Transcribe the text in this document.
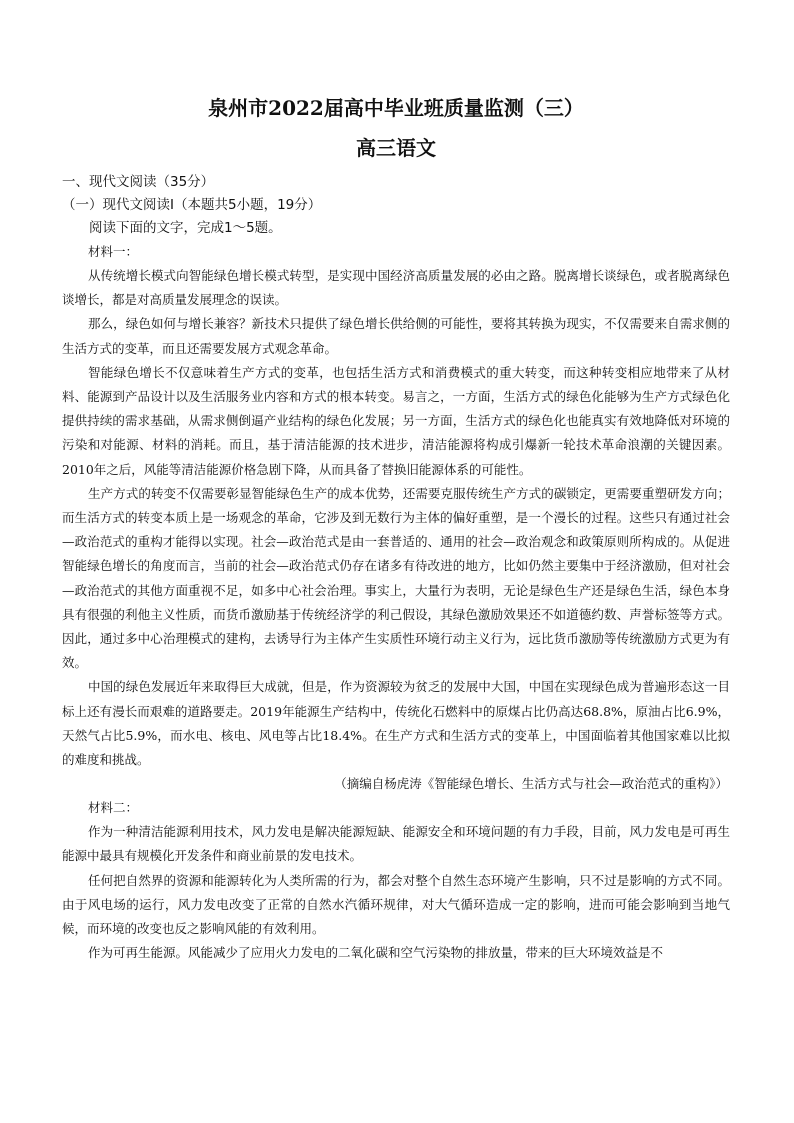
泉州市2022届高中毕业班质量监测（三）
高三语文

一、现代文阅读（35分）

（一）现代文阅读Ⅰ（本题共5小题，19分）

阅读下面的文字，完成1～5题。

材料一：

从传统增长模式向智能绿色增长模式转型，是实现中国经济高质量发展的必由之路。脱离增长谈绿色，或者脱离绿色谈增长，都是对高质量发展理念的误读。

那么，绿色如何与增长兼容？新技术只提供了绿色增长供给侧的可能性，要将其转换为现实，不仅需要来自需求侧的生活方式的变革，而且还需要发展方式观念革命。

智能绿色增长不仅意味着生产方式的变革，也包括生活方式和消费模式的重大转变，而这种转变相应地带来了从材料、能源到产品设计以及生活服务业内容和方式的根本转变。易言之，一方面，生活方式的绿色化能够为生产方式绿色化提供持续的需求基础，从需求侧倒逼产业结构的绿色化发展；另一方面，生活方式的绿色化也能真实有效地降低对环境的污染和对能源、材料的消耗。而且，基于清洁能源的技术进步，清洁能源将构成引爆新一轮技术革命浪潮的关键因素。2010年之后，风能等清洁能源价格急剧下降，从而具备了替换旧能源体系的可能性。

生产方式的转变不仅需要彰显智能绿色生产的成本优势，还需要克服传统生产方式的碳锁定，更需要重塑研发方向；而生活方式的转变本质上是一场观念的革命，它涉及到无数行为主体的偏好重塑，是一个漫长的过程。这些只有通过社会—政治范式的重构才能得以实现。社会—政治范式是由一套普适的、通用的社会—政治观念和政策原则所构成的。从促进智能绿色增长的角度而言，当前的社会—政治范式仍存在诸多有待改进的地方，比如仍然主要集中于经济激励，但对社会—政治范式的其他方面重视不足，如多中心社会治理。事实上，大量行为表明，无论是绿色生产还是绿色生活，绿色本身具有很强的利他主义性质，而货币激励基于传统经济学的利己假设，其绿色激励效果还不如道德约数、声誉标签等方式。因此，通过多中心治理模式的建构，去诱导行为主体产生实质性环境行动主义行为，远比货币激励等传统激励方式更为有效。

中国的绿色发展近年来取得巨大成就，但是，作为资源较为贫乏的发展中大国，中国在实现绿色成为普遍形态这一目标上还有漫长而艰难的道路要走。2019年能源生产结构中，传统化石燃料中的原煤占比仍高达68.8%，原油占比6.9%，天然气占比5.9%，而水电、核电、风电等占比18.4%。在生产方式和生活方式的变革上，中国面临着其他国家难以比拟的难度和挑战。

（摘编自杨虎涛《智能绿色增长、生活方式与社会—政治范式的重构》）

材料二：

作为一种清洁能源利用技术，风力发电是解决能源短缺、能源安全和环境问题的有力手段，目前，风力发电是可再生能源中最具有规模化开发条件和商业前景的发电技术。

任何把自然界的资源和能源转化为人类所需的行为，都会对整个自然生态环境产生影响，只不过是影响的方式不同。由于风电场的运行，风力发电改变了正常的自然水汽循环规律，对大气循环造成一定的影响，进而可能会影响到当地气候，而环境的改变也反之影响风能的有效利用。

作为可再生能源。风能减少了应用火力发电的二氧化碳和空气污染物的排放量，带来的巨大环境效益是不
